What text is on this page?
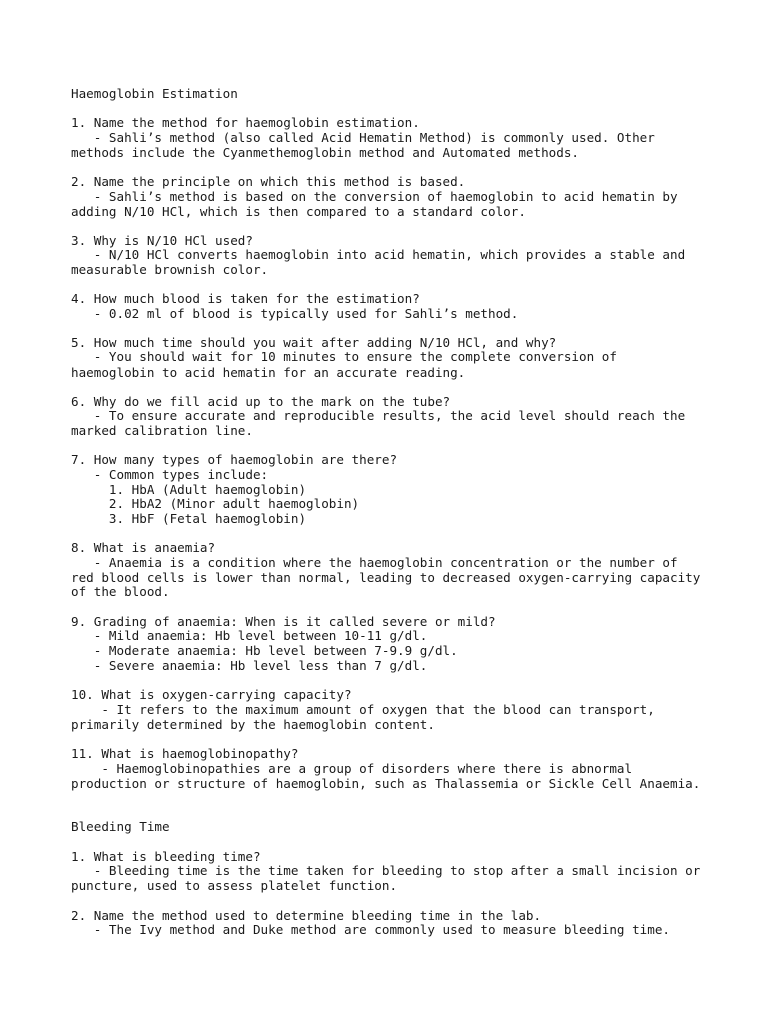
Haemoglobin Estimation
1. Name the method for haemoglobin estimation.
- Sahli’s method (also called Acid Hematin Method) is commonly used. Other
methods include the Cyanmethemoglobin method and Automated methods.
2. Name the principle on which this method is based.
- Sahli’s method is based on the conversion of haemoglobin to acid hematin by
adding N/10 HCl, which is then compared to a standard color.
3. Why is N/10 HCl used?
- N/10 HCl converts haemoglobin into acid hematin, which provides a stable and
measurable brownish color.
4. How much blood is taken for the estimation?
- 0.02 ml of blood is typically used for Sahli’s method.
5. How much time should you wait after adding N/10 HCl, and why?
- You should wait for 10 minutes to ensure the complete conversion of
haemoglobin to acid hematin for an accurate reading.
6. Why do we fill acid up to the mark on the tube?
- To ensure accurate and reproducible results, the acid level should reach the
marked calibration line.
7. How many types of haemoglobin are there?
- Common types include:
1. HbA (Adult haemoglobin)
2. HbA2 (Minor adult haemoglobin)
3. HbF (Fetal haemoglobin)
8. What is anaemia?
- Anaemia is a condition where the haemoglobin concentration or the number of
red blood cells is lower than normal, leading to decreased oxygen-carrying capacity
of the blood.
9. Grading of anaemia: When is it called severe or mild?
- Mild anaemia: Hb level between 10-11 g/dl.
- Moderate anaemia: Hb level between 7-9.9 g/dl.
- Severe anaemia: Hb level less than 7 g/dl.
10. What is oxygen-carrying capacity?
- It refers to the maximum amount of oxygen that the blood can transport,
primarily determined by the haemoglobin content.
11. What is haemoglobinopathy?
- Haemoglobinopathies are a group of disorders where there is abnormal
production or structure of haemoglobin, such as Thalassemia or Sickle Cell Anaemia.
Bleeding Time
1. What is bleeding time?
- Bleeding time is the time taken for bleeding to stop after a small incision or
puncture, used to assess platelet function.
2. Name the method used to determine bleeding time in the lab.
- The Ivy method and Duke method are commonly used to measure bleeding time.
